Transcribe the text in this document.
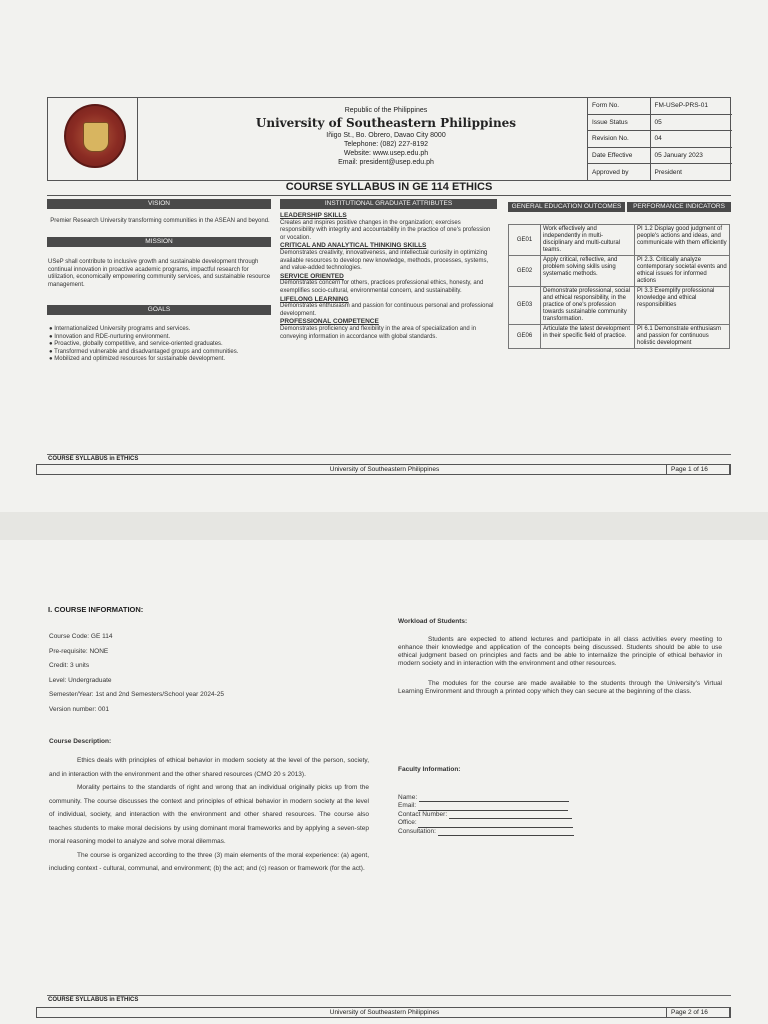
Republic of the Philippines
University of Southeastern Philippines
Iñigo St., Bo. Obrero, Davao City 8000
Telephone: (082) 227-8192
Website: www.usep.edu.ph
Email: president@usep.edu.ph
Form No.	FM-USeP-PRS-01
Issue Status	05
Revision No.	04
Date Effective	05 January 2023
Approved by	President
COURSE SYLLABUS IN GE 114 ETHICS
VISION
Premier Research University transforming communities in the ASEAN and beyond.
MISSION
USeP shall contribute to inclusive growth and sustainable development through continual innovation in proactive academic programs, impactful research for utilization, economically empowering community services, and sustainable resource management.
GOALS
● Internationalized University programs and services.
● Innovation and RDE-nurturing environment.
● Proactive, globally competitive, and service-oriented graduates.
● Transformed vulnerable and disadvantaged groups and communities.
● Mobilized and optimized resources for sustainable development.
INSTITUTIONAL GRADUATE ATTRIBUTES
LEADERSHIP SKILLS
Creates and inspires positive changes in the organization; exercises responsibility with integrity and accountability in the practice of one's profession or vocation.
CRITICAL AND ANALYTICAL THINKING SKILLS
Demonstrates creativity, innovativeness, and intellectual curiosity in optimizing available resources to develop new knowledge, methods, processes, systems, and value-added technologies.
SERVICE ORIENTED
Demonstrates concern for others, practices professional ethics, honesty, and exemplifies socio-cultural, environmental concern, and sustainability.
LIFELONG LEARNING
Demonstrates enthusiasm and passion for continuous personal and professional development.
PROFESSIONAL COMPETENCE
Demonstrates proficiency and flexibility in the area of specialization and in conveying information in accordance with global standards.
GENERAL EDUCATION OUTCOMES	PERFORMANCE INDICATORS
GE01	Work effectively and independently in multi-disciplinary and multi-cultural teams.	PI 1.2 Display good judgment of people's actions and ideas, and communicate with them efficiently
GE02	Apply critical, reflective, and problem solving skills using systematic methods.	PI 2.3. Critically analyze contemporary societal events and ethical issues for informed actions
GE03	Demonstrate professional, social and ethical responsibility, in the practice of one's profession towards sustainable community transformation.	PI 3.3 Exemplify professional knowledge and ethical responsibilities
GE06	Articulate the latest development in their specific field of practice.	PI 6.1 Demonstrate enthusiasm and passion for continuous holistic development
COURSE SYLLABUS in ETHICS
University of Southeastern Philippines	Page 1 of 16
I. COURSE INFORMATION:
Course Code: GE 114
Pre-requisite: NONE
Credit: 3 units
Level: Undergraduate
Semester/Year: 1st and 2nd Semesters/School year 2024-25
Version number: 001
Course Description:

Ethics deals with principles of ethical behavior in modern society at the level of the person, society, and in interaction with the environment and the other shared resources (CMO 20 s 2013).

Morality pertains to the standards of right and wrong that an individual originally picks up from the community. The course discusses the context and principles of ethical behavior in modern society at the level of individual, society, and interaction with the environment and other shared resources. The course also teaches students to make moral decisions by using dominant moral frameworks and by applying a seven-step moral reasoning model to analyze and solve moral dilemmas.

The course is organized according to the three (3) main elements of the moral experience: (a) agent, including context - cultural, communal, and environment; (b) the act; and (c) reason or framework (for the act).

Workload of Students:

Students are expected to attend lectures and participate in all class activities every meeting to enhance their knowledge and application of the concepts being discussed. Students should be able to use ethical judgment based on principles and facts and be able to internalize the principle of ethical behavior in modern society and in interaction with the environment and other resources.

The modules for the course are made available to the students through the University's Virtual Learning Environment and through a printed copy which they can secure at the beginning of the class.

Faculty Information:
Name:
Email:
Contact Number:
Office:
Consultation:
COURSE SYLLABUS in ETHICS
University of Southeastern Philippines	Page 2 of 16
